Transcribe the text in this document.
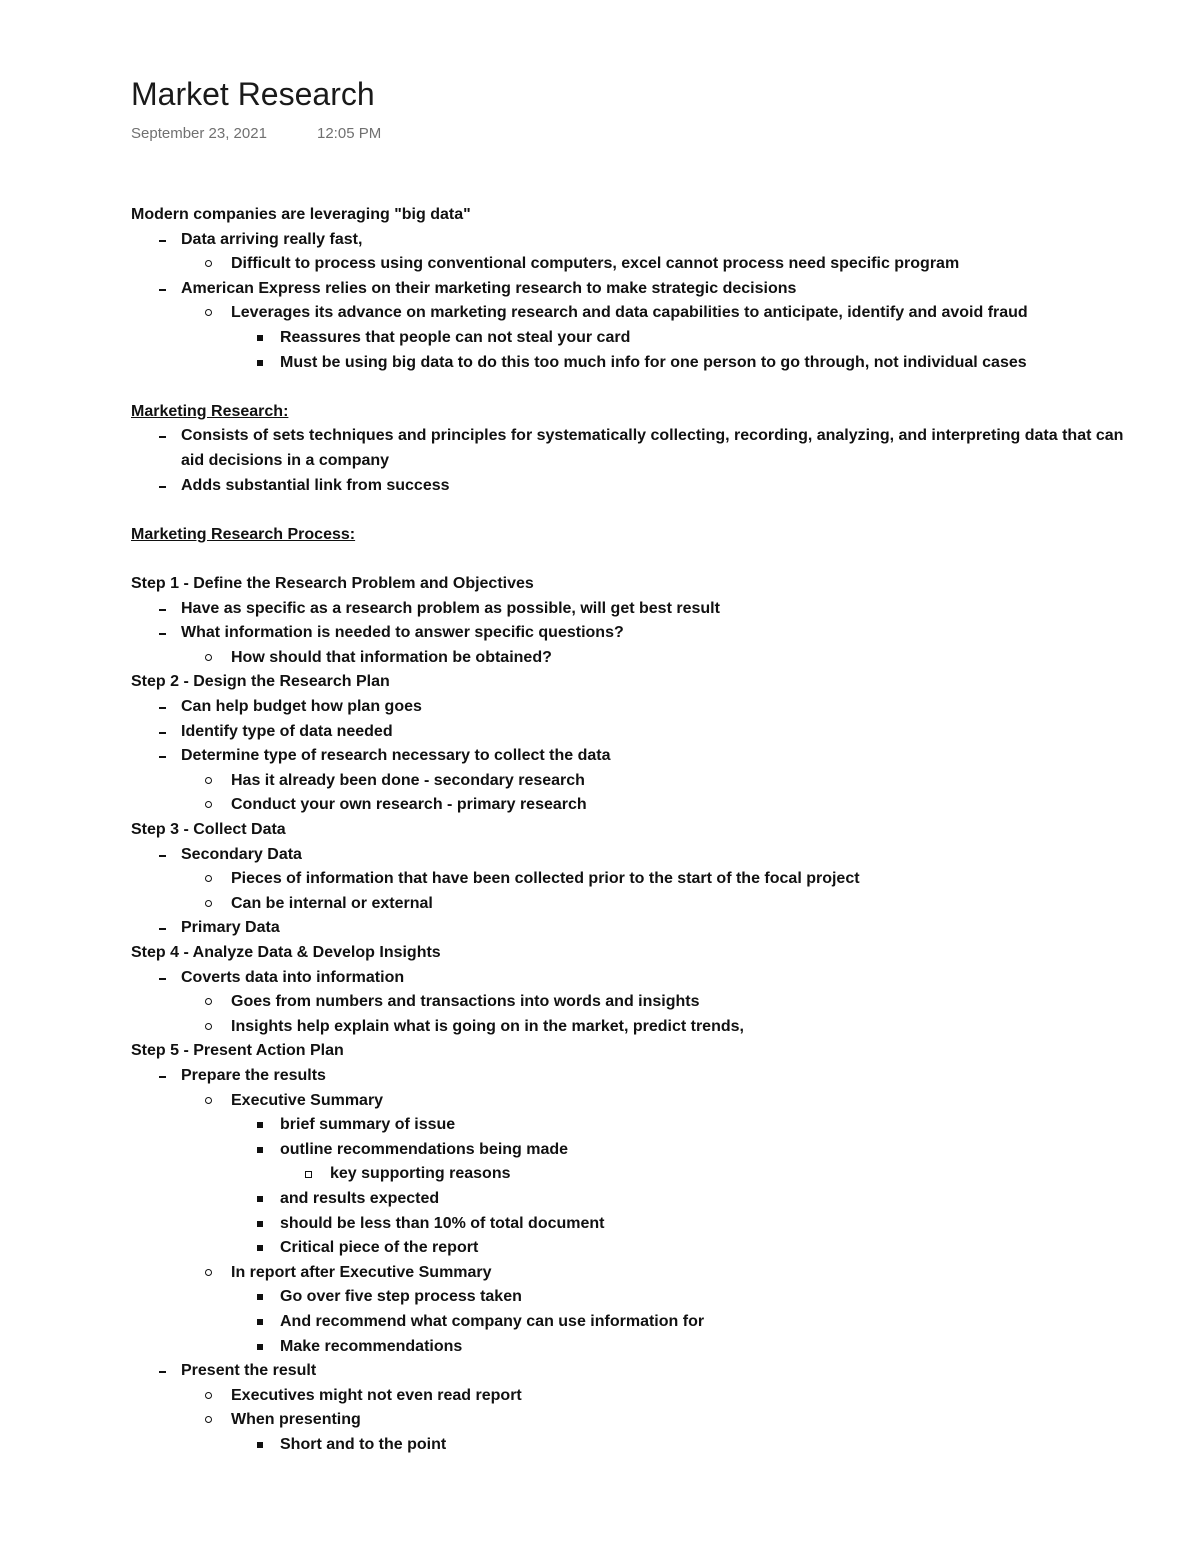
Market Research
September 23, 2021	12:05 PM
Modern companies are leveraging "big data"
Data arriving really fast,
Difficult to process using conventional computers, excel cannot process need specific program
American Express relies on their marketing research to make strategic decisions
Leverages its advance on marketing research and data capabilities to anticipate, identify and avoid fraud
Reassures that people can not steal your card
Must be using big data to do this too much info for one person to go through, not individual cases
Marketing Research:
Consists of sets techniques and principles for systematically collecting, recording, analyzing, and interpreting data that can
aid decisions in a company
Adds substantial link from success
Marketing Research Process:
Step 1 - Define the Research Problem and Objectives
Have as specific as a research problem as possible, will get best result
What information is needed to answer specific questions?
How should that information be obtained?
Step 2 - Design the Research Plan
Can help budget how plan goes
Identify type of data needed
Determine type of research necessary to collect the data
Has it already been done - secondary research
Conduct your own research - primary research
Step 3 - Collect Data
Secondary Data
Pieces of information that have been collected prior to the start of the focal project
Can be internal or external
Primary Data
Step 4 - Analyze Data & Develop Insights
Coverts data into information
Goes from numbers and transactions into words and insights
Insights help explain what is going on in the market, predict trends,
Step 5 - Present Action Plan
Prepare the results
Executive Summary
brief summary of issue
outline recommendations being made
key supporting reasons
and results expected
should be less than 10% of total document
Critical piece of the report
In report after Executive Summary
Go over five step process taken
And recommend what company can use information for
Make recommendations
Present the result
Executives might not even read report
When presenting
Short and to the point
